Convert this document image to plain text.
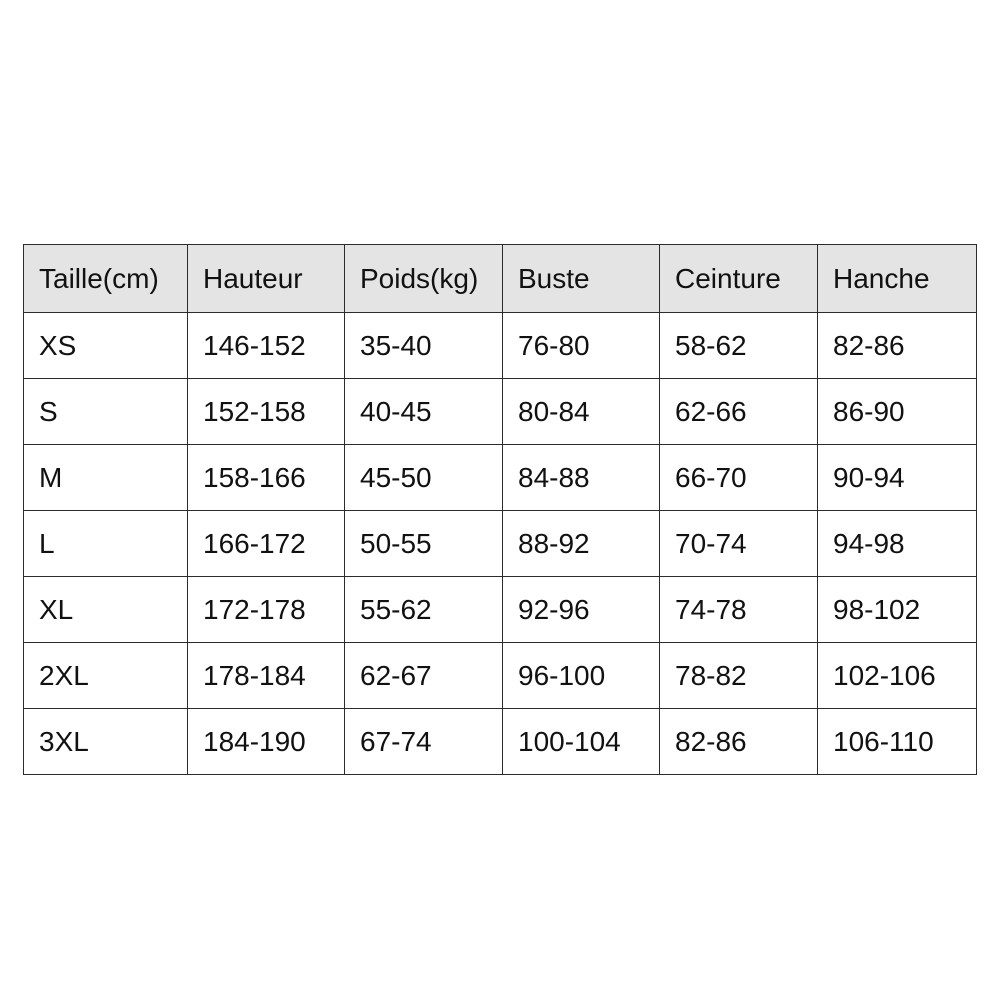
Taille(cm)	Hauteur	Poids(kg)	Buste	Ceinture	Hanche
XS	146-152	35-40	76-80	58-62	82-86
S	152-158	40-45	80-84	62-66	86-90
M	158-166	45-50	84-88	66-70	90-94
L	166-172	50-55	88-92	70-74	94-98
XL	172-178	55-62	92-96	74-78	98-102
2XL	178-184	62-67	96-100	78-82	102-106
3XL	184-190	67-74	100-104	82-86	106-110
